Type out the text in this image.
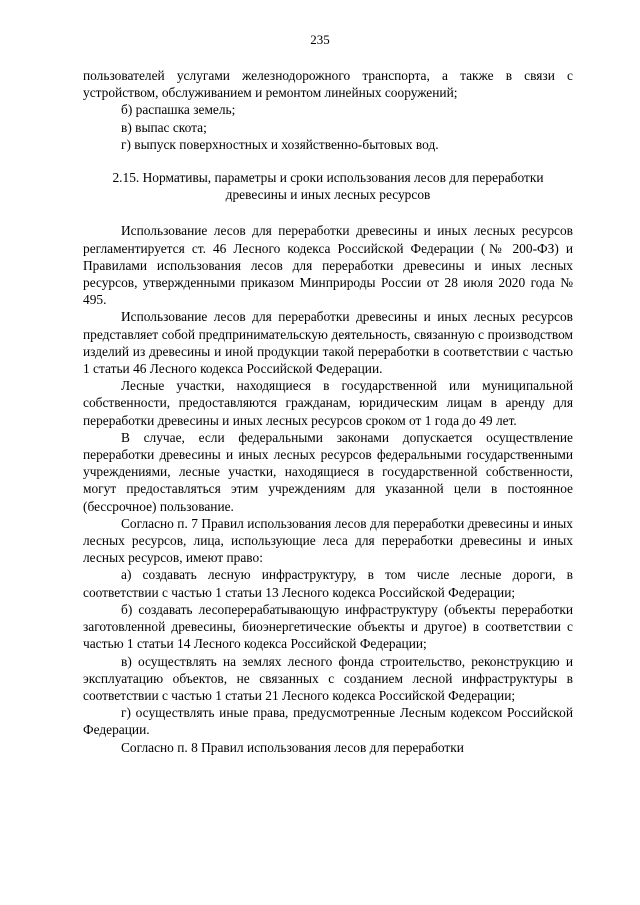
235

пользователей услугами железнодорожного транспорта, а также в связи с устройством, обслуживанием и ремонтом линейных сооружений;

б) распашка земель;

в) выпас скота;

г) выпуск поверхностных и хозяйственно-бытовых вод.

2.15. Нормативы, параметры и сроки использования лесов для переработки древесины и иных лесных ресурсов

Использование лесов для переработки древесины и иных лесных ресурсов регламентируется ст. 46 Лесного кодекса Российской Федерации (№ 200-ФЗ) и Правилами использования лесов для переработки древесины и иных лесных ресурсов, утвержденными приказом Минприроды России от 28 июля 2020 года № 495.

Использование лесов для переработки древесины и иных лесных ресурсов представляет собой предпринимательскую деятельность, связанную с производством изделий из древесины и иной продукции такой переработки в соответствии с частью 1 статьи 46 Лесного кодекса Российской Федерации.

Лесные участки, находящиеся в государственной или муниципальной собственности, предоставляются гражданам, юридическим лицам в аренду для переработки древесины и иных лесных ресурсов сроком от 1 года до 49 лет.

В случае, если федеральными законами допускается осуществление переработки древесины и иных лесных ресурсов федеральными государственными учреждениями, лесные участки, находящиеся в государственной собственности, могут предоставляться этим учреждениям для указанной цели в постоянное (бессрочное) пользование.

Согласно п. 7 Правил использования лесов для переработки древесины и иных лесных ресурсов, лица, использующие леса для переработки древесины и иных лесных ресурсов, имеют право:

а) создавать лесную инфраструктуру, в том числе лесные дороги, в соответствии с частью 1 статьи 13 Лесного кодекса Российской Федерации;

б) создавать лесоперерабатывающую инфраструктуру (объекты переработки заготовленной древесины, биоэнергетические объекты и другое) в соответствии с частью 1 статьи 14 Лесного кодекса Российской Федерации;

в) осуществлять на землях лесного фонда строительство, реконструкцию и эксплуатацию объектов, не связанных с созданием лесной инфраструктуры в соответствии с частью 1 статьи 21 Лесного кодекса Российской Федерации;

г) осуществлять иные права, предусмотренные Лесным кодексом Российской Федерации.

Согласно п. 8 Правил использования лесов для переработки
